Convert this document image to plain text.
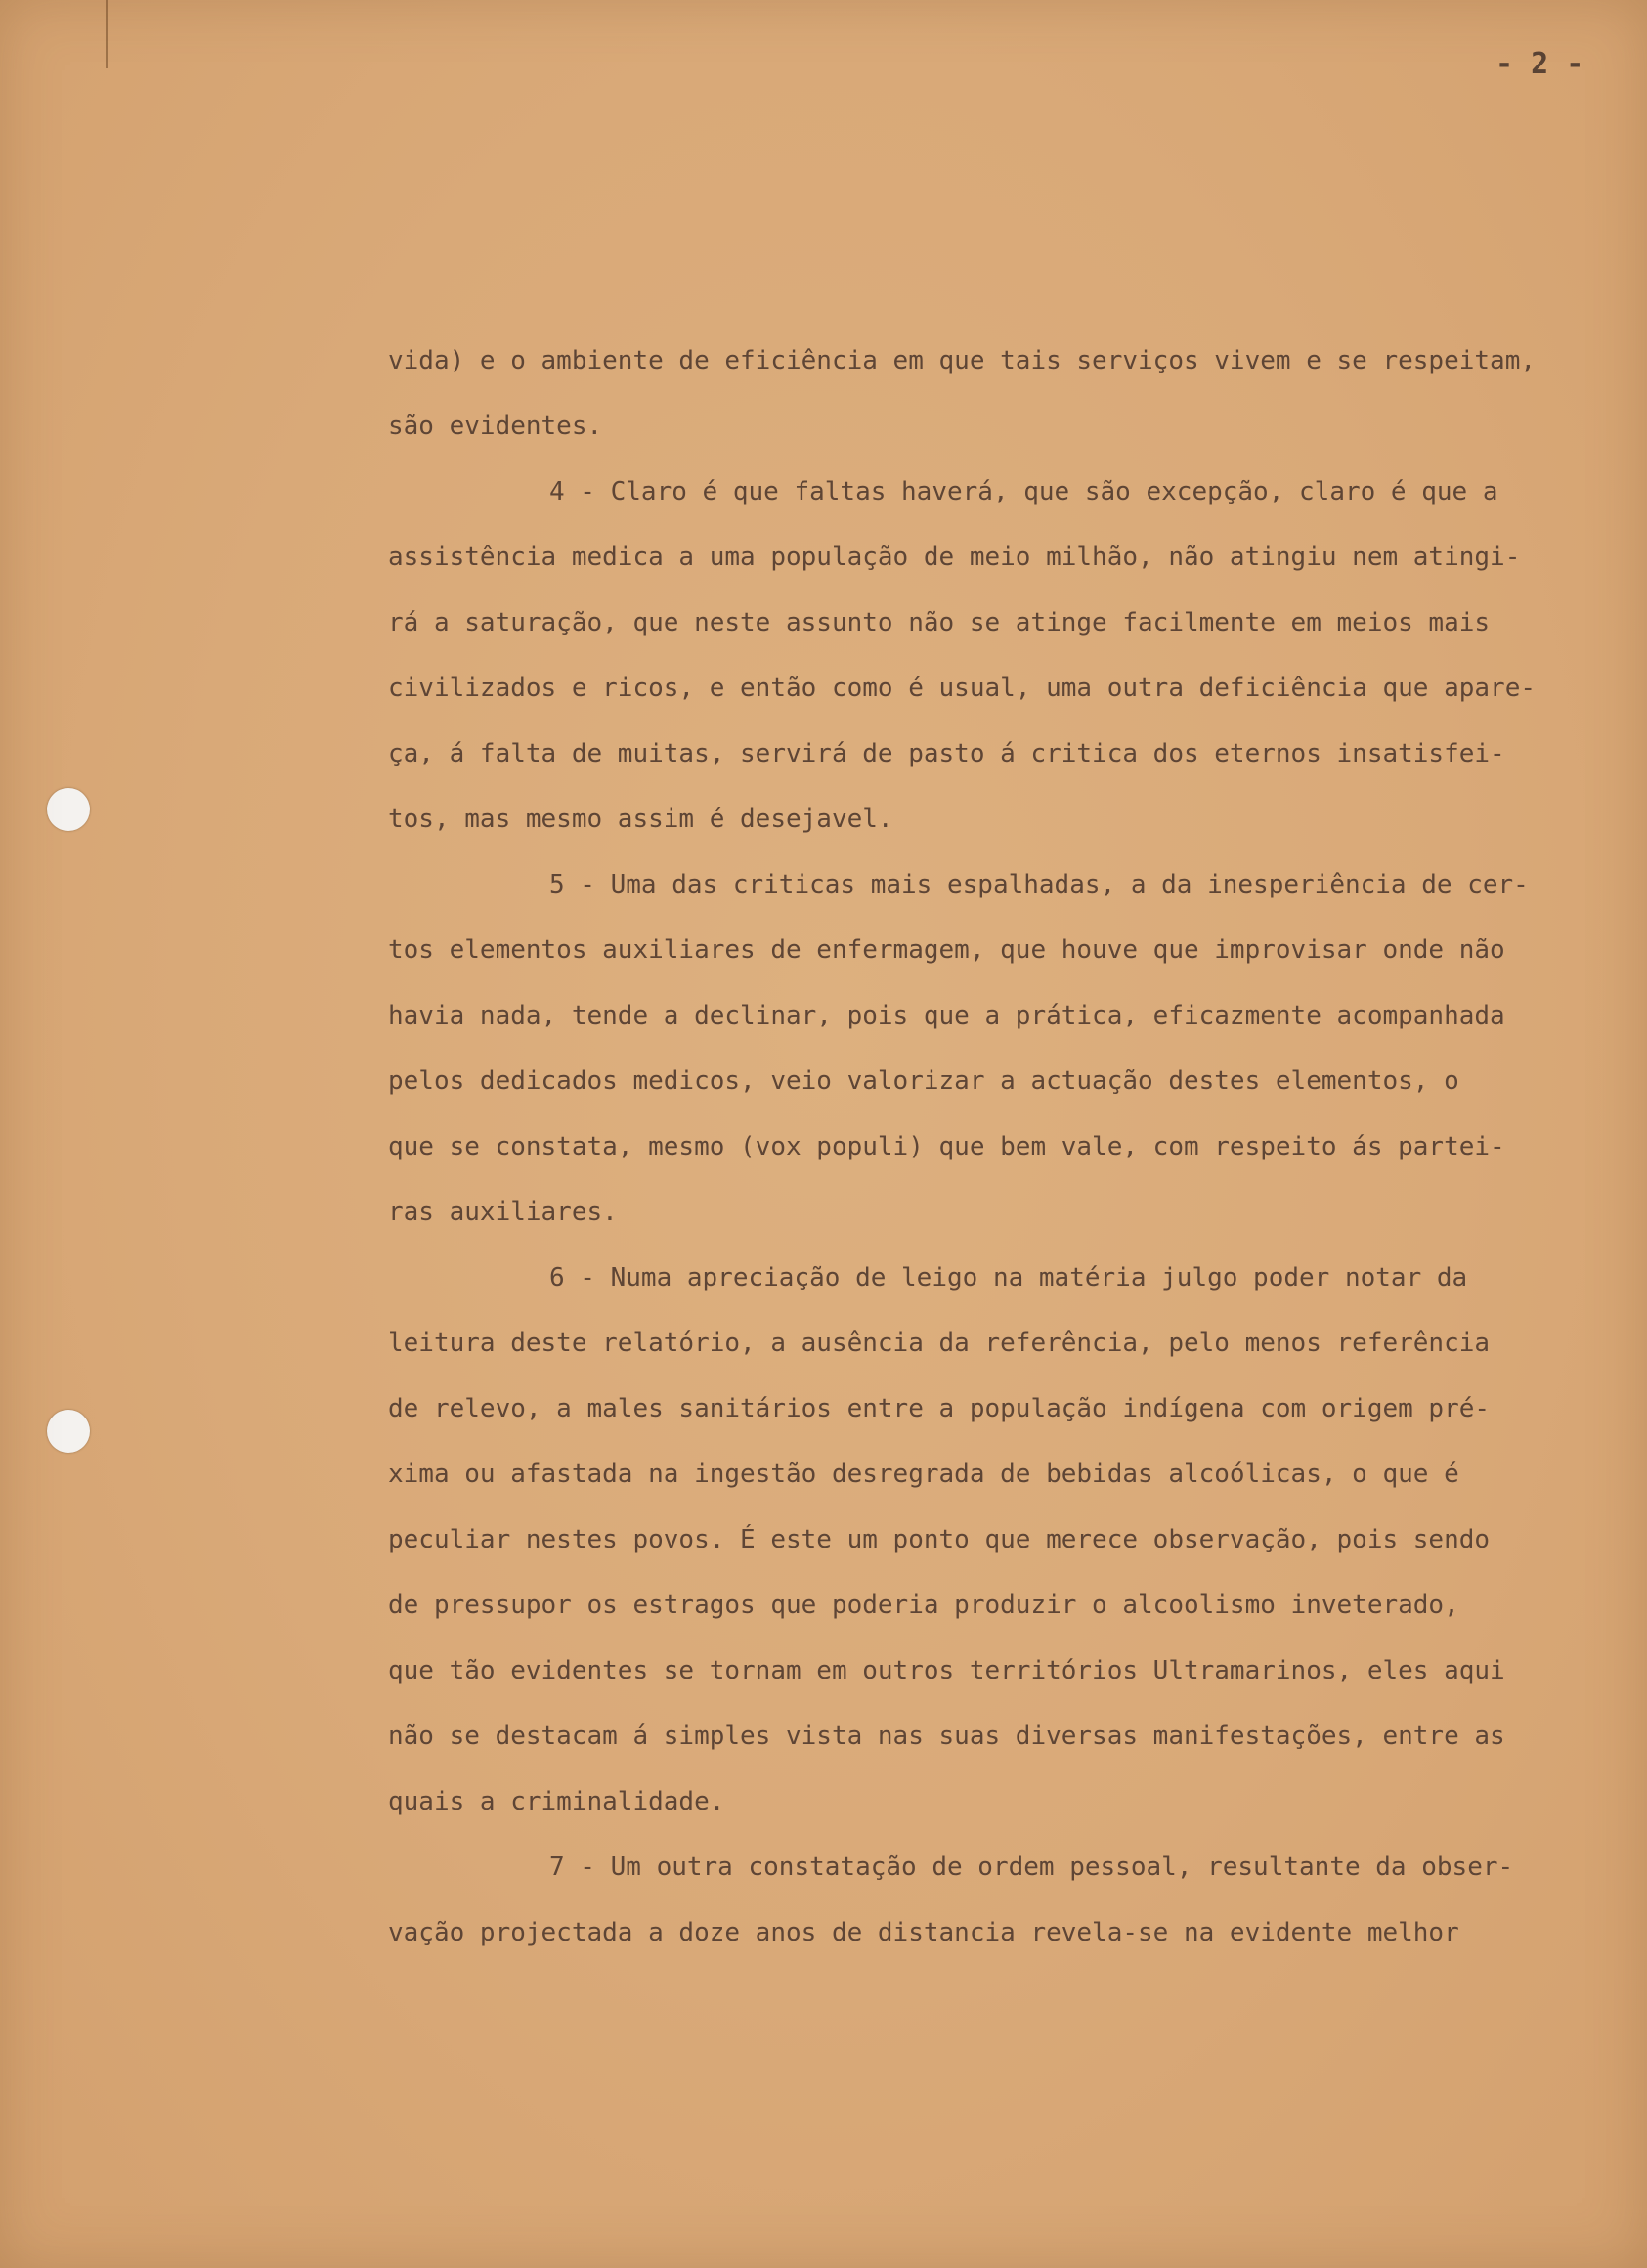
- 2 -
vida) e o ambiente de eficiência em que tais serviços vivem e se respeitam,
são evidentes.
4 - Claro é que faltas haverá, que são excepção, claro é que a
assistência medica a uma população de meio milhão, não atingiu nem atingi-
rá a saturação, que neste assunto não se atinge facilmente em meios mais
civilizados e ricos, e então como é usual, uma outra deficiência que apare-
ça, á falta de muitas, servirá de pasto á critica dos eternos insatisfei-
tos, mas mesmo assim é desejavel.
5 - Uma das criticas mais espalhadas, a da inesperiência de cer-
tos elementos auxiliares de enfermagem, que houve que improvisar onde não
havia nada, tende a declinar, pois que a prática, eficazmente acompanhada
pelos dedicados medicos, veio valorizar a actuação destes elementos, o
que se constata, mesmo (vox populi) que bem vale, com respeito ás partei-
ras auxiliares.
6 - Numa apreciação de leigo na matéria julgo poder notar da
leitura deste relatório, a ausência da referência, pelo menos referência
de relevo, a males sanitários entre a população indígena com origem pré-
xima ou afastada na ingestão desregrada de bebidas alcoólicas, o que é
peculiar nestes povos. É este um ponto que merece observação, pois sendo
de pressupor os estragos que poderia produzir o alcoolismo inveterado,
que tão evidentes se tornam em outros territórios Ultramarinos, eles aqui
não se destacam á simples vista nas suas diversas manifestações, entre as
quais a criminalidade.
7 - Um outra constatação de ordem pessoal, resultante da obser-
vação projectada a doze anos de distancia revela-se na evidente melhor
